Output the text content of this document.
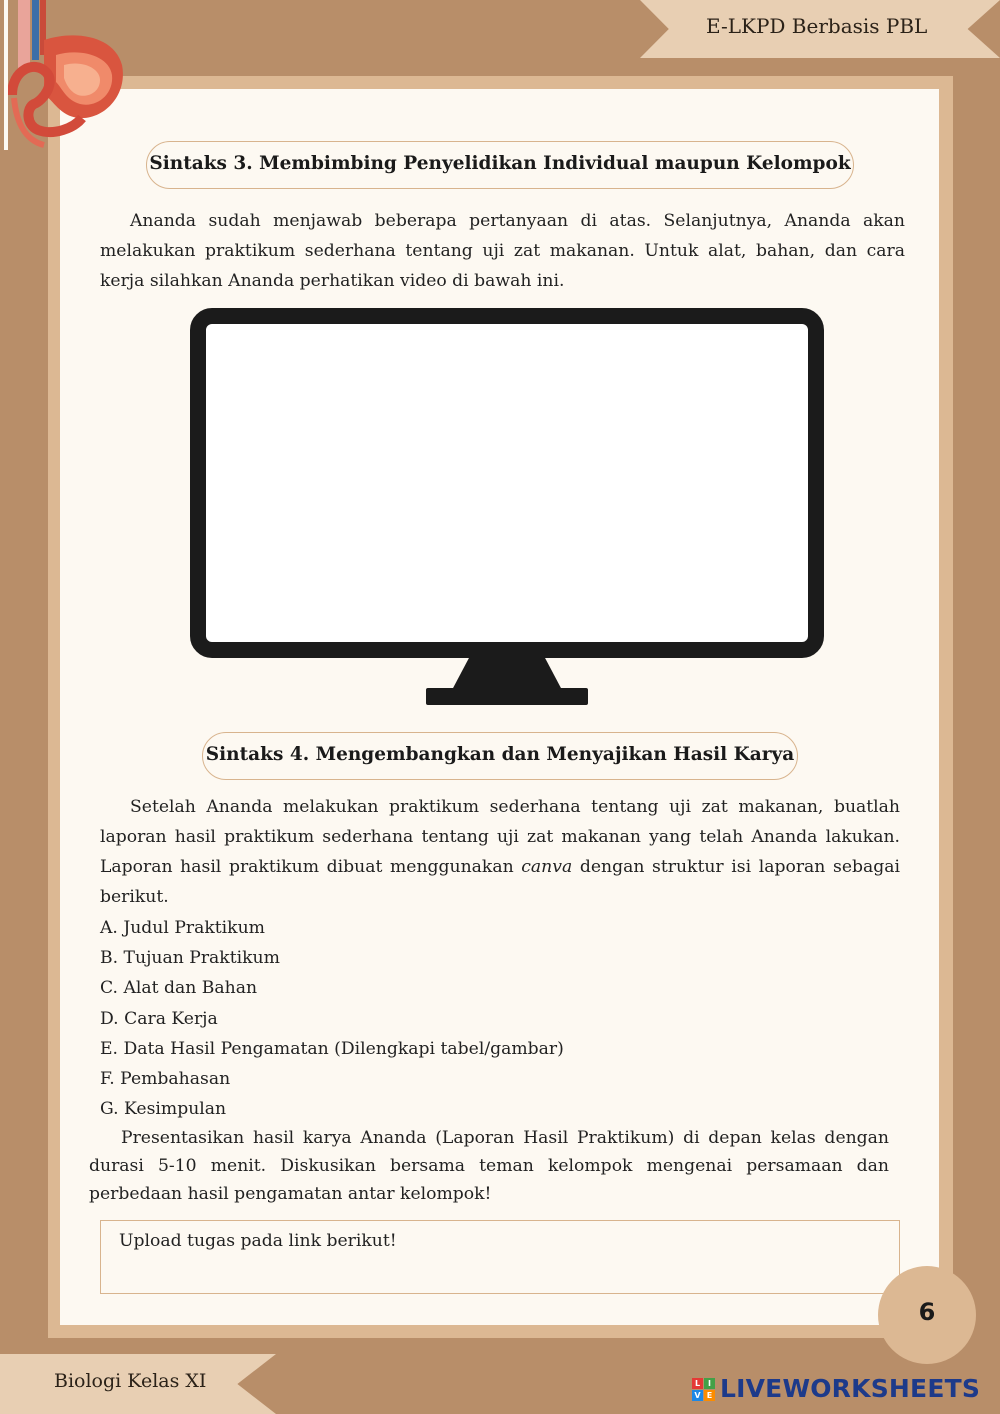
E-LKPD Berbasis PBL
Sintaks 3. Membimbing Penyelidikan Individual maupun Kelompok

Ananda sudah menjawab beberapa pertanyaan di atas. Selanjutnya, Ananda akan melakukan praktikum sederhana tentang uji zat makanan. Untuk alat, bahan, dan cara kerja silahkan Ananda perhatikan video di bawah ini.

Sintaks 4. Mengembangkan dan Menyajikan Hasil Karya

Setelah Ananda melakukan praktikum sederhana tentang uji zat makanan, buatlah laporan hasil praktikum sederhana tentang uji zat makanan yang telah Ananda lakukan. Laporan hasil praktikum dibuat menggunakan canva dengan struktur isi laporan sebagai berikut.

A. Judul Praktikum
B. Tujuan Praktikum
C. Alat dan Bahan
D. Cara Kerja
E. Data Hasil Pengamatan (Dilengkapi tabel/gambar)
F. Pembahasan
G. Kesimpulan

Presentasikan hasil karya Ananda (Laporan Hasil Praktikum) di depan kelas dengan durasi 5-10 menit. Diskusikan bersama teman kelompok mengenai persamaan dan perbedaan hasil pengamatan antar kelompok!

Upload tugas pada link berikut!
6
Biologi Kelas XI	L I
V E LIVEWORKSHEETS
